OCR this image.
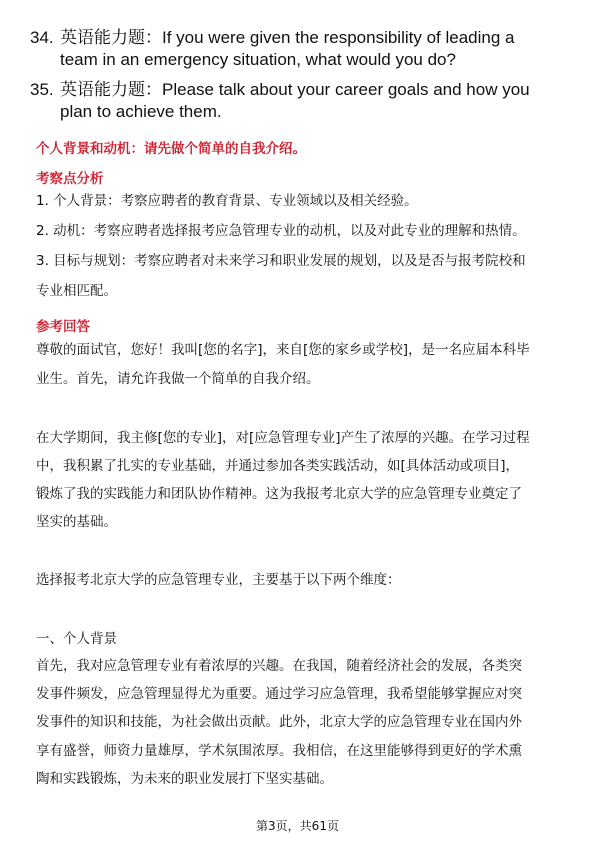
34. 英语能力题：If you were given the responsibility of leading a
team in an emergency situation, what would you do?
35. 英语能力题：Please talk about your career goals and how you
plan to achieve them.
个人背景和动机：请先做个简单的自我介绍。
考察点分析
1. 个人背景：考察应聘者的教育背景、专业领域以及相关经验。
2. 动机：考察应聘者选择报考应急管理专业的动机，以及对此专业的理解和热情。
3. 目标与规划：考察应聘者对未来学习和职业发展的规划，以及是否与报考院校和
专业相匹配。
参考回答
尊敬的面试官，您好！我叫[您的名字]，来自[您的家乡或学校]，是一名应届本科毕
业生。首先，请允许我做一个简单的自我介绍。
在大学期间，我主修[您的专业]，对[应急管理专业]产生了浓厚的兴趣。在学习过程
中，我积累了扎实的专业基础，并通过参加各类实践活动，如[具体活动或项目]，
锻炼了我的实践能力和团队协作精神。这为我报考北京大学的应急管理专业奠定了
坚实的基础。
选择报考北京大学的应急管理专业，主要基于以下两个维度：
一、个人背景
首先，我对应急管理专业有着浓厚的兴趣。在我国，随着经济社会的发展，各类突
发事件频发，应急管理显得尤为重要。通过学习应急管理，我希望能够掌握应对突
发事件的知识和技能，为社会做出贡献。此外，北京大学的应急管理专业在国内外
享有盛誉，师资力量雄厚，学术氛围浓厚。我相信，在这里能够得到更好的学术熏
陶和实践锻炼，为未来的职业发展打下坚实基础。
第3页，共61页
